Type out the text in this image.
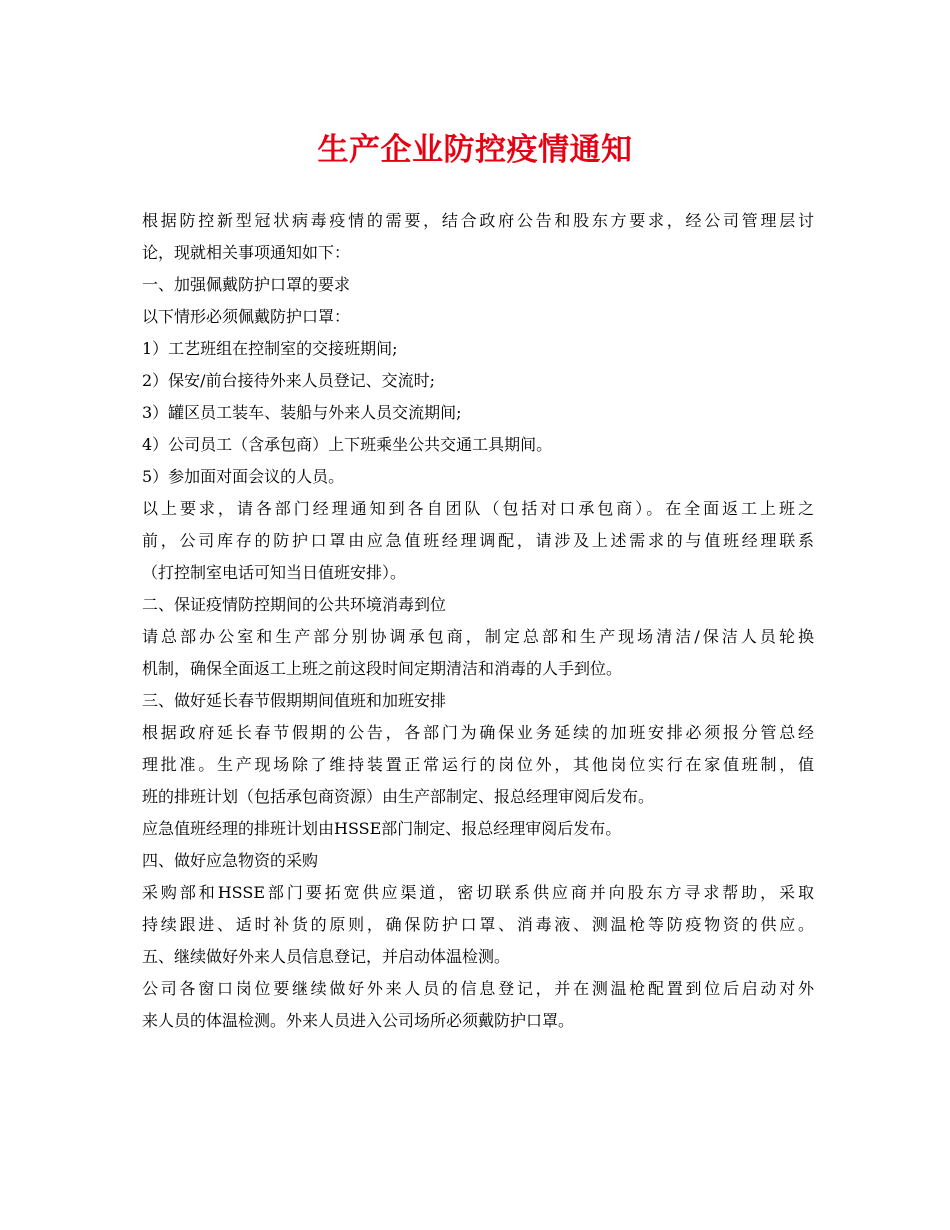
生产企业防控疫情通知
根据防控新型冠状病毒疫情的需要，结合政府公告和股东方要求，经公司管理层讨
论，现就相关事项通知如下：
一、加强佩戴防护口罩的要求
以下情形必须佩戴防护口罩：
1）工艺班组在控制室的交接班期间;
2）保安/前台接待外来人员登记、交流时;
3）罐区员工装车、装船与外来人员交流期间;
4）公司员工（含承包商）上下班乘坐公共交通工具期间。
5）参加面对面会议的人员。
以上要求，请各部门经理通知到各自团队（包括对口承包商）。在全面返工上班之
前，公司库存的防护口罩由应急值班经理调配，请涉及上述需求的与值班经理联系
（打控制室电话可知当日值班安排）。
二、保证疫情防控期间的公共环境消毒到位
请总部办公室和生产部分别协调承包商，制定总部和生产现场清洁/保洁人员轮换
机制，确保全面返工上班之前这段时间定期清洁和消毒的人手到位。
三、做好延长春节假期期间值班和加班安排
根据政府延长春节假期的公告，各部门为确保业务延续的加班安排必须报分管总经
理批准。生产现场除了维持装置正常运行的岗位外，其他岗位实行在家值班制，值
班的排班计划（包括承包商资源）由生产部制定、报总经理审阅后发布。
应急值班经理的排班计划由HSSE部门制定、报总经理审阅后发布。
四、做好应急物资的采购
采购部和HSSE部门要拓宽供应渠道，密切联系供应商并向股东方寻求帮助，采取
持续跟进、适时补货的原则，确保防护口罩、消毒液、测温枪等防疫物资的供应。
五、继续做好外来人员信息登记，并启动体温检测。
公司各窗口岗位要继续做好外来人员的信息登记，并在测温枪配置到位后启动对外
来人员的体温检测。外来人员进入公司场所必须戴防护口罩。
